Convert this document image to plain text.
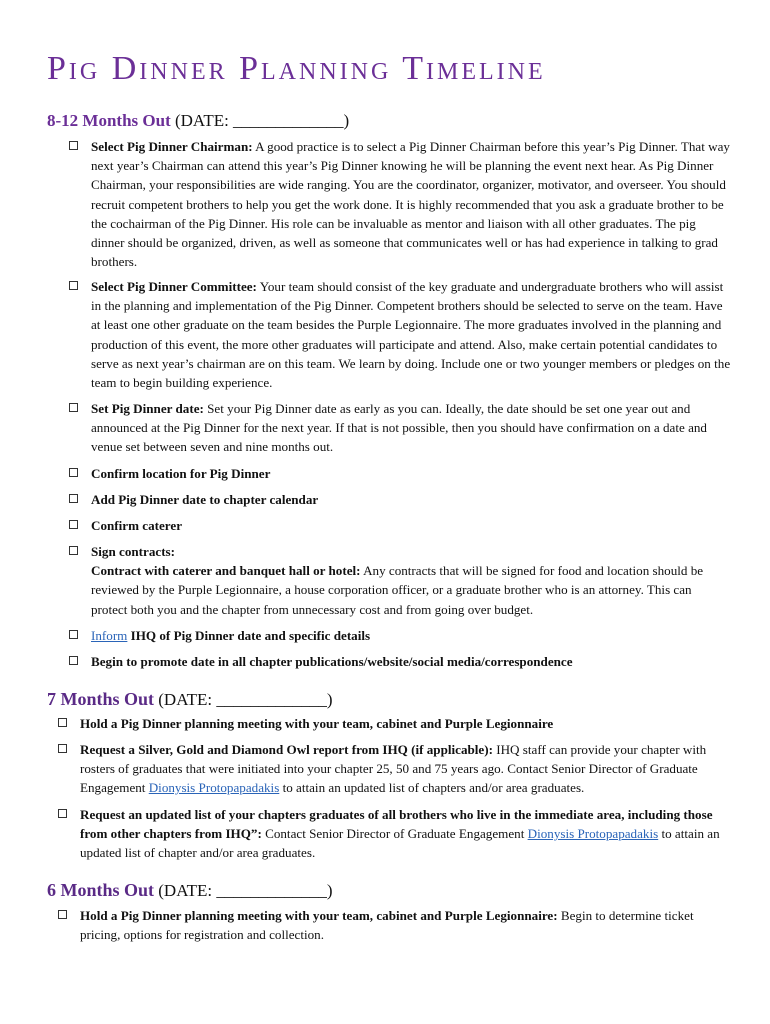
Pig Dinner Planning Timeline
8-12 Months Out (DATE: _____________)
Select Pig Dinner Chairman: A good practice is to select a Pig Dinner Chairman before this year’s Pig Dinner. That way next year’s Chairman can attend this year’s Pig Dinner knowing he will be planning the event next hear. As Pig Dinner Chairman, your responsibilities are wide ranging. You are the coordinator, organizer, motivator, and overseer. You should recruit competent brothers to help you get the work done. It is highly recommended that you ask a graduate brother to be the cochairman of the Pig Dinner. His role can be invaluable as mentor and liaison with all other graduates. The pig dinner should be organized, driven, as well as someone that communicates well or has had experience in talking to grad brothers.
Select Pig Dinner Committee: Your team should consist of the key graduate and undergraduate brothers who will assist in the planning and implementation of the Pig Dinner. Competent brothers should be selected to serve on the team. Have at least one other graduate on the team besides the Purple Legionnaire. The more graduates involved in the planning and production of this event, the more other graduates will participate and attend. Also, make certain potential candidates to serve as next year’s chairman are on this team. We learn by doing. Include one or two younger members or pledges on the team to begin building experience.
Set Pig Dinner date: Set your Pig Dinner date as early as you can. Ideally, the date should be set one year out and announced at the Pig Dinner for the next year. If that is not possible, then you should have confirmation on a date and venue set between seven and nine months out.
Confirm location for Pig Dinner
Add Pig Dinner date to chapter calendar
Confirm caterer
Sign contracts:
Contract with caterer and banquet hall or hotel: Any contracts that will be signed for food and location should be reviewed by the Purple Legionnaire, a house corporation officer, or a graduate brother who is an attorney. This can protect both you and the chapter from unnecessary cost and from going over budget.
Inform IHQ of Pig Dinner date and specific details
Begin to promote date in all chapter publications/website/social media/correspondence
7 Months Out (DATE: _____________)
Hold a Pig Dinner planning meeting with your team, cabinet and Purple Legionnaire
Request a Silver, Gold and Diamond Owl report from IHQ (if applicable): IHQ staff can provide your chapter with rosters of graduates that were initiated into your chapter 25, 50 and 75 years ago. Contact Senior Director of Graduate Engagement Dionysis Protopapadakis to attain an updated list of chapters and/or area graduates.
Request an updated list of your chapters graduates of all brothers who live in the immediate area, including those from other chapters from IHQ”: Contact Senior Director of Graduate Engagement Dionysis Protopapadakis to attain an updated list of chapter and/or area graduates.
6 Months Out (DATE: _____________)
Hold a Pig Dinner planning meeting with your team, cabinet and Purple Legionnaire: Begin to determine ticket pricing, options for registration and collection.
